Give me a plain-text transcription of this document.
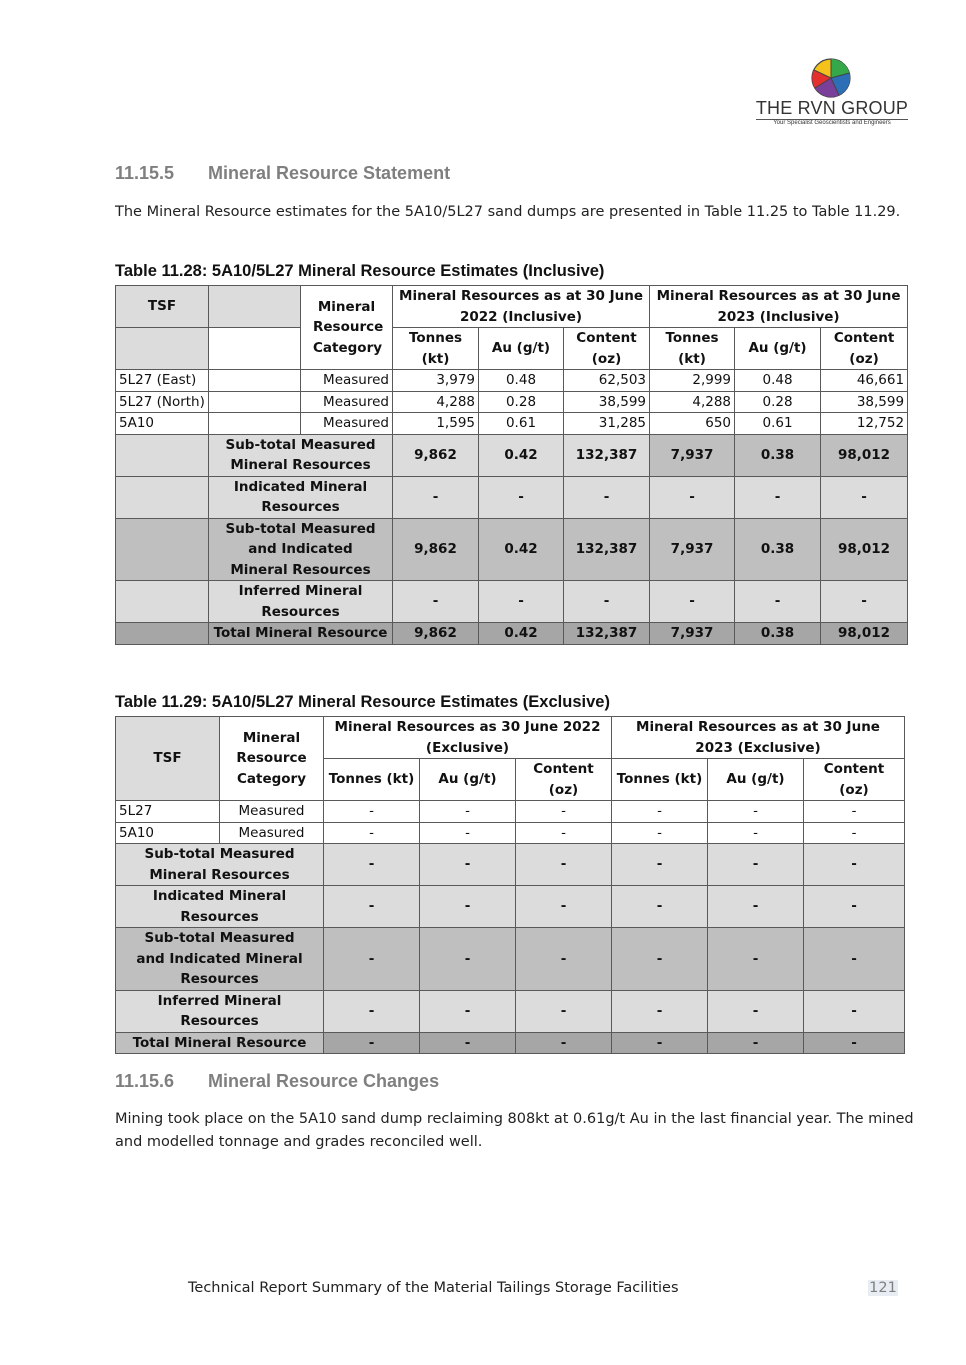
THE RVN GROUP
Your Specialist Geoscientists and Engineers
11.15.5 Mineral Resource Statement

The Mineral Resource estimates for the 5A10/5L27 sand dumps are presented in Table 11.25 to Table 11.29.

Table 11.28: 5A10/5L27 Mineral Resource Estimates (Inclusive)
TSF		Mineral Resource Category	Mineral Resources as at 30 June 2022 (Inclusive)			Mineral Resources as at 30 June 2023 (Inclusive)		
			Tonnes (kt)	Au (g/t)	Content (oz)	Tonnes (kt)	Au (g/t)	Content (oz)

5L27 (East)		Measured	3,979	0.48	62,503	2,999	0.48	46,661
5L27 (North)		Measured	4,288	0.28	38,599	4,288	0.28	38,599
5A10		Measured	1,595	0.61	31,285	650	0.61	12,752
	Sub-total Measured Mineral Resources		9,862	0.42	132,387	7,937	0.38	98,012
	Indicated Mineral Resources		-	-	-	-	-	-
	Sub-total Measured and Indicated Mineral Resources		9,862	0.42	132,387	7,937	0.38	98,012
	Inferred Mineral Resources		-	-	-	-	-	-
	Total Mineral Resource		9,862	0.42	132,387	7,937	0.38	98,012
Table 11.29: 5A10/5L27 Mineral Resource Estimates (Exclusive)
TSF	Mineral Resource Category	Mineral Resources as 30 June 2022 (Exclusive)			Mineral Resources as at 30 June 2023 (Exclusive)		
		Tonnes (kt)	Au (g/t)	Content (oz)	Tonnes (kt)	Au (g/t)	Content (oz)
5L27	Measured	-	-	-	-	-	-
5A10	Measured	-	-	-	-	-	-
Sub-total Measured Mineral Resources		-	-	-	-	-	-
Indicated Mineral Resources		-	-	-	-	-	-
Sub-total Measured and Indicated Mineral Resources		-	-	-	-	-	-
Inferred Mineral Resources		-	-	-	-	-	-
Total Mineral Resource		-	-	-	-	-	-
11.15.6 Mineral Resource Changes

Mining took place on the 5A10 sand dump reclaiming 808kt at 0.61g/t Au in the last financial year. The mined and modelled tonnage and grades reconciled well.

Technical Report Summary of the Material Tailings Storage Facilities	121
